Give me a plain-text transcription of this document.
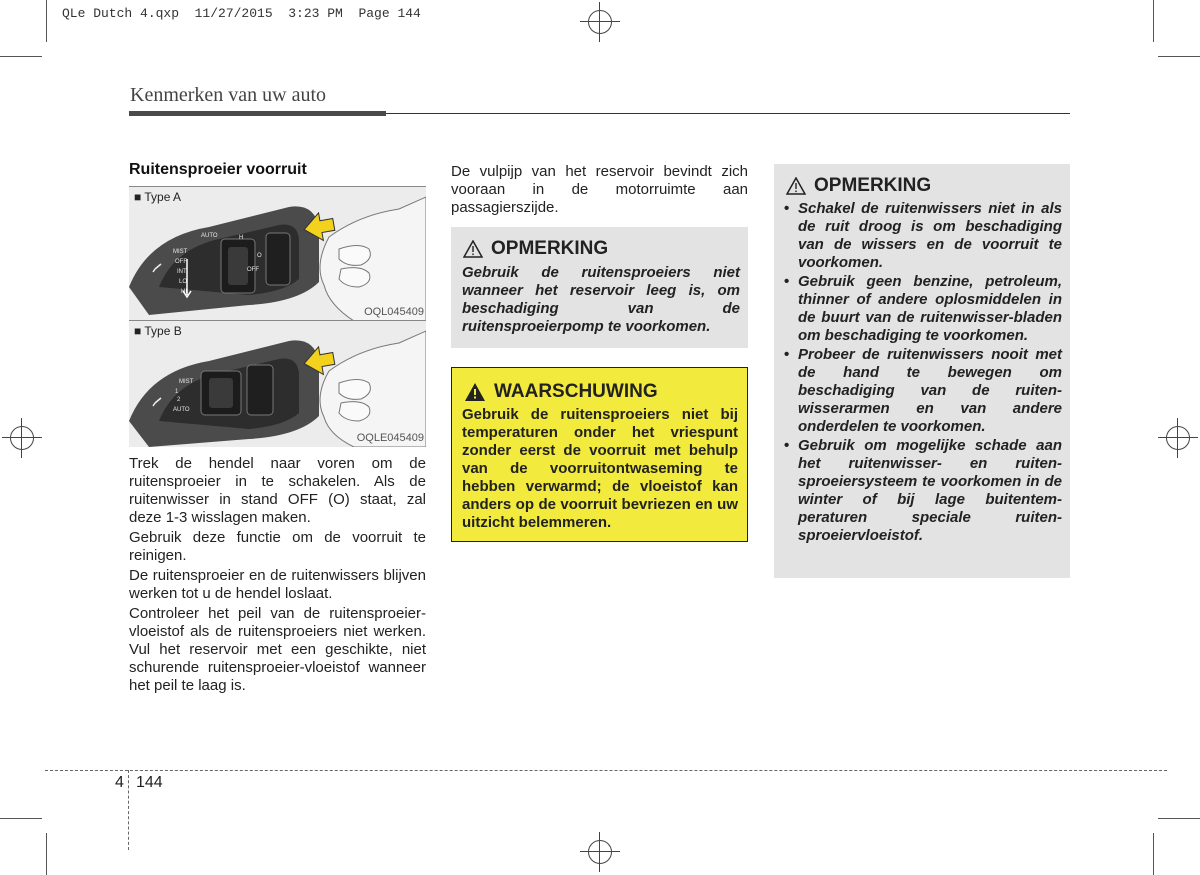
QLe Dutch 4.qxp  11/27/2015  3:23 PM  Page 144
Kenmerken van uw auto
Ruitensproeier voorruit
■ Type A
MIST
OFF
INT
LO
HI
AUTO	H
OFF
O
OQL045409
■ Type B
1
2
AUTO
MIST
OQLE045409

Trek de hendel naar voren om de ruitensproeier in te schakelen. Als de ruitenwisser in stand OFF (O) staat, zal deze 1-3 wisslagen maken.

Gebruik deze functie om de voorruit te reinigen.

De ruitensproeier en de ruitenwissers blijven werken tot u de hendel loslaat.

Controleer het peil van de ruitensproeier-vloeistof als de ruitensproeiers niet werken. Vul het reservoir met een geschikte, niet schurende ruitensproeier-vloeistof wanneer het peil te laag is.

De vulpijp van het reservoir bevindt zich vooraan in de motorruimte aan passagierszijde.

OPMERKING
Gebruik de ruitensproeiers niet wanneer het reservoir leeg is, om beschadiging van de ruitensproeierpomp te voorkomen.
WAARSCHUWING
Gebruik de ruitensproeiers niet bij temperaturen onder het vriespunt zonder eerst de voorruit met behulp van de voorruitontwaseming te hebben verwarmd; de vloeistof kan anders op de voorruit bevriezen en uw uitzicht belemmeren.
OPMERKING
• Schakel de ruitenwissers niet in als de ruit droog is om beschadiging van de wissers en de voorruit te voorkomen.
• Gebruik geen benzine, petroleum, thinner of andere oplosmiddelen in de buurt van de ruitenwisser-bladen om beschadiging te voorkomen.
• Probeer de ruitenwissers nooit met de hand te bewegen om beschadiging van de ruiten-wisserarmen en van andere onderdelen te voorkomen.
• Gebruik om mogelijke schade aan het ruitenwisser- en ruiten-sproeiersysteem te voorkomen in de winter of bij lage buitentem-peraturen speciale ruiten-sproeiervloeistof.
4 144
